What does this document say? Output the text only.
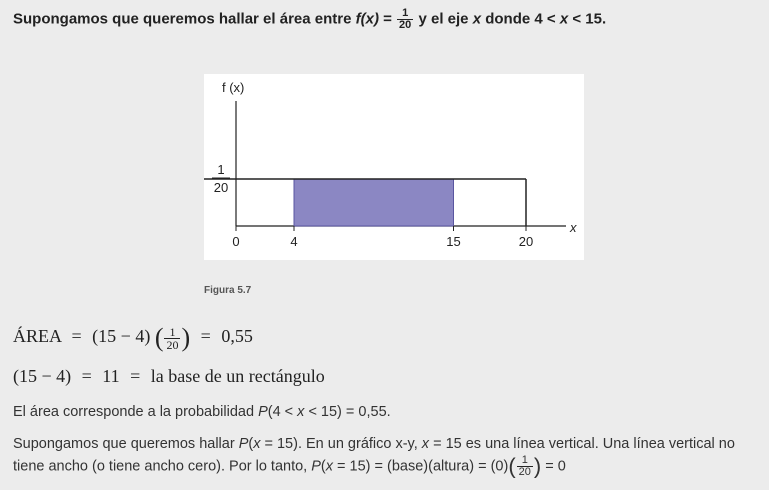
Supongamos que queremos hallar el área entre $f(x) = \frac{1}{20}$ y el eje x donde 4 < x < 15.
f (x)
x
1
20
0	4	15	20
Figura 5.7
ÁREA = (15 − 4) ( $\frac{1}{20}$ ) = 0,55
(15 − 4) = 11 = la base de un rectángulo
El área corresponde a la probabilidad P(4 < x < 15) = 0,55.
Supongamos que queremos hallar P(x = 15). En un gráfico x-y, x = 15 es una línea vertical. Una línea vertical no tiene ancho (o tiene ancho cero). Por lo tanto, P(x = 15) = (base)(altura) = $(0)( \frac{1}{20}$ ) = 0
